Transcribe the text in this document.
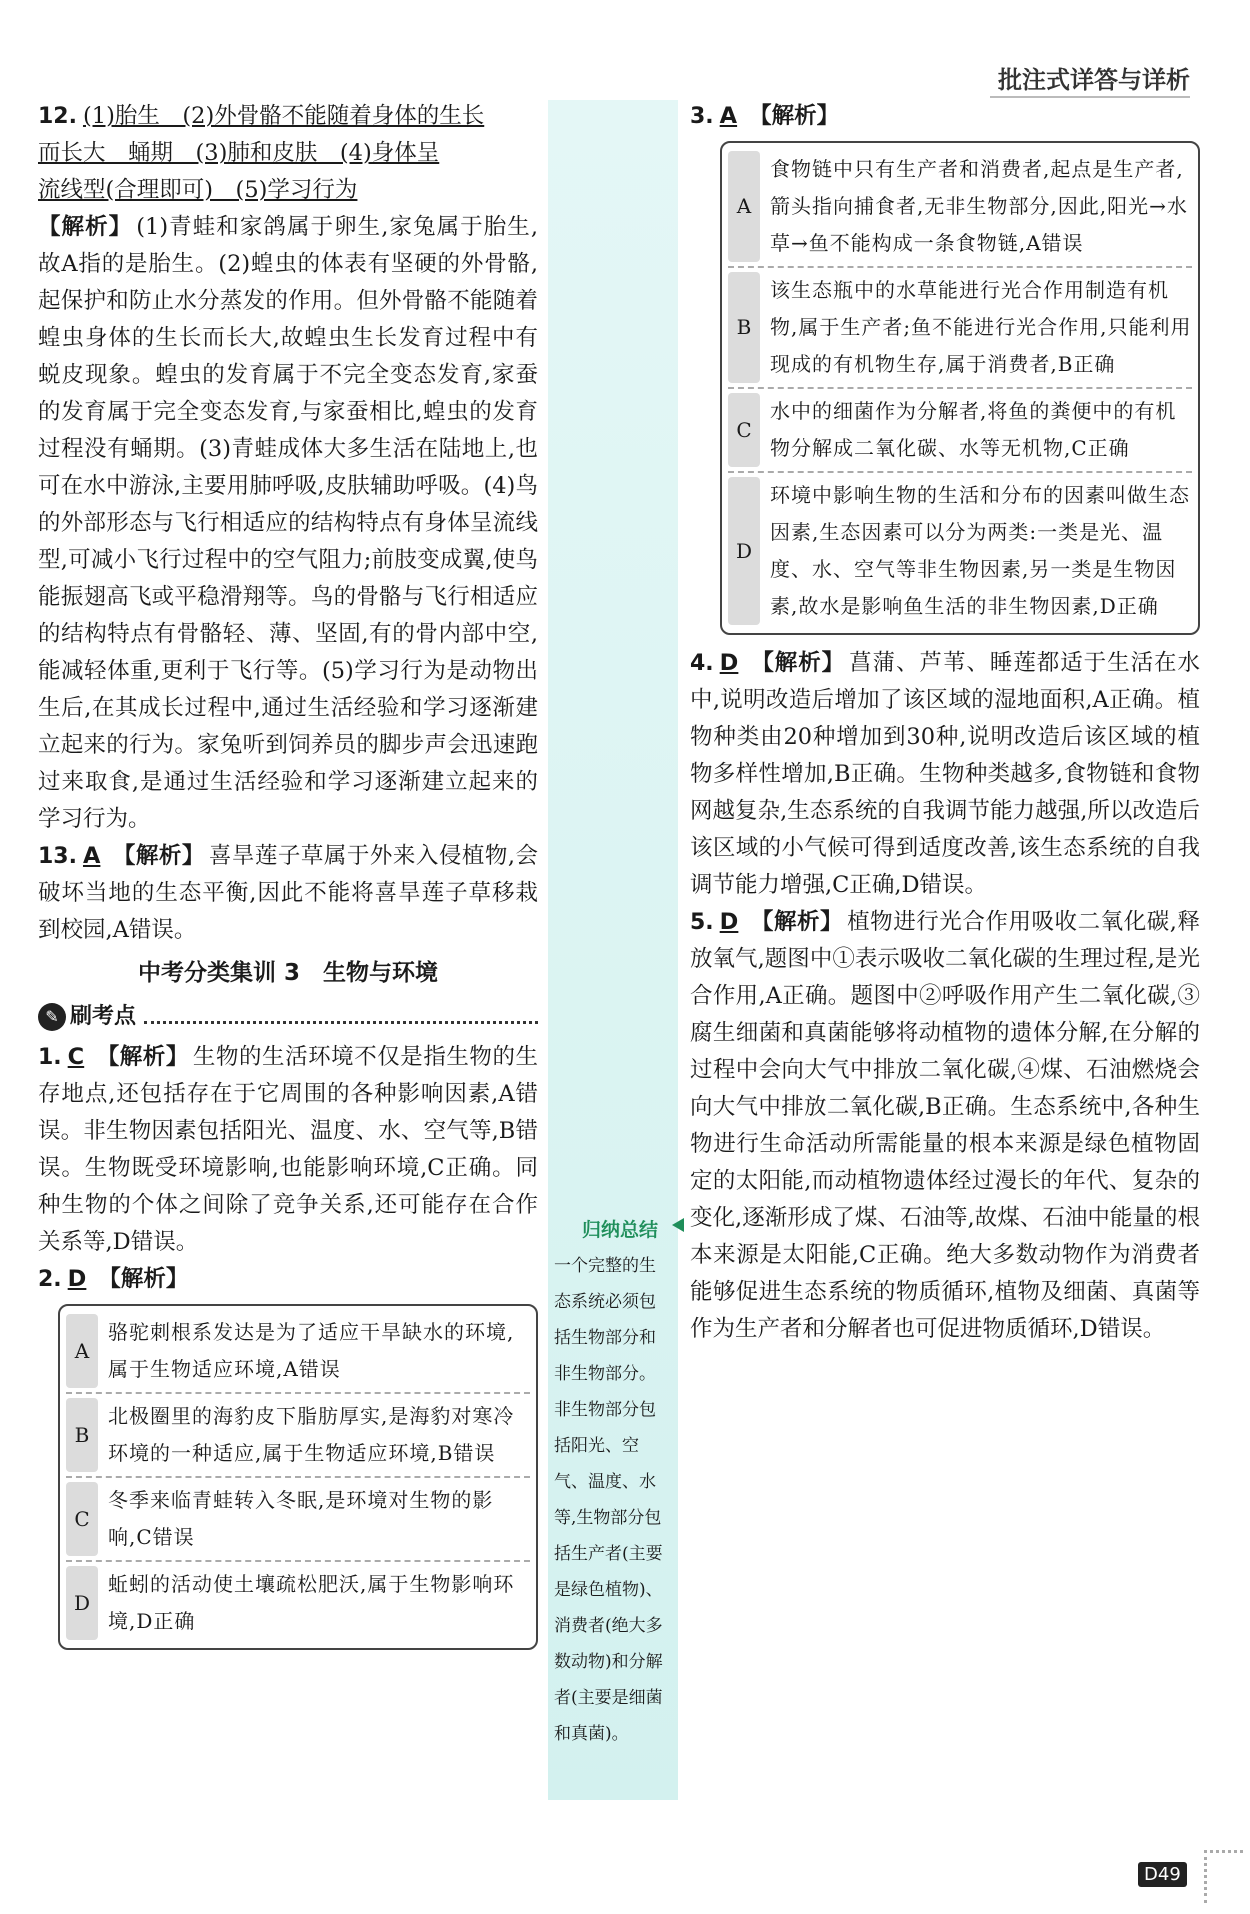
批注式详答与详析

12. (1)胎生　(2)外骨骼不能随着身体的生长

而长大　蛹期　(3)肺和皮肤　(4)身体呈

流线型(合理即可)　(5)学习行为

【解析】 (1)青蛙和家鸽属于卵生,家兔属于胎生,故A指的是胎生。(2)蝗虫的体表有坚硬的外骨骼,起保护和防止水分蒸发的作用。但外骨骼不能随着蝗虫身体的生长而长大,故蝗虫生长发育过程中有蜕皮现象。蝗虫的发育属于不完全变态发育,家蚕的发育属于完全变态发育,与家蚕相比,蝗虫的发育过程没有蛹期。(3)青蛙成体大多生活在陆地上,也可在水中游泳,主要用肺呼吸,皮肤辅助呼吸。(4)鸟的外部形态与飞行相适应的结构特点有身体呈流线型,可减小飞行过程中的空气阻力;前肢变成翼,使鸟能振翅高飞或平稳滑翔等。鸟的骨骼与飞行相适应的结构特点有骨骼轻、薄、坚固,有的骨内部中空,能减轻体重,更利于飞行等。(5)学习行为是动物出生后,在其成长过程中,通过生活经验和学习逐渐建立起来的行为。家兔听到饲养员的脚步声会迅速跑过来取食,是通过生活经验和学习逐渐建立起来的学习行为。

13. A 【解析】 喜旱莲子草属于外来入侵植物,会破坏当地的生态平衡,因此不能将喜旱莲子草移栽到校园,A错误。

中考分类集训 3　生物与环境
✎ 刷考点

1. C 【解析】 生物的生活环境不仅是指生物的生存地点,还包括存在于它周围的各种影响因素,A错误。非生物因素包括阳光、温度、水、空气等,B错误。生物既受环境影响,也能影响环境,C正确。同种生物的个体之间除了竞争关系,还可能存在合作关系等,D错误。

2. D 【解析】

A
骆驼刺根系发达是为了适应干旱缺水的环境,属于生物适应环境,A错误
B
北极圈里的海豹皮下脂肪厚实,是海豹对寒冷环境的一种适应,属于生物适应环境,B错误
C
冬季来临青蛙转入冬眠,是环境对生物的影响,C错误
D
蚯蚓的活动使土壤疏松肥沃,属于生物影响环境,D正确
归纳总结
一个完整的生态系统必须包括生物部分和非生物部分。非生物部分包括阳光、空气、温度、水等,生物部分包括生产者(主要是绿色植物)、消费者(绝大多数动物)和分解者(主要是细菌和真菌)。

3. A 【解析】

A
食物链中只有生产者和消费者,起点是生产者,箭头指向捕食者,无非生物部分,因此,阳光→水草→鱼不能构成一条食物链,A错误
B
该生态瓶中的水草能进行光合作用制造有机物,属于生产者;鱼不能进行光合作用,只能利用现成的有机物生存,属于消费者,B正确
C
水中的细菌作为分解者,将鱼的粪便中的有机物分解成二氧化碳、水等无机物,C正确
D
环境中影响生物的生活和分布的因素叫做生态因素,生态因素可以分为两类:一类是光、温度、水、空气等非生物因素,另一类是生物因素,故水是影响鱼生活的非生物因素,D正确

4. D 【解析】 菖蒲、芦苇、睡莲都适于生活在水中,说明改造后增加了该区域的湿地面积,A正确。植物种类由20种增加到30种,说明改造后该区域的植物多样性增加,B正确。生物种类越多,食物链和食物网越复杂,生态系统的自我调节能力越强,所以改造后该区域的小气候可得到适度改善,该生态系统的自我调节能力增强,C正确,D错误。

5. D 【解析】 植物进行光合作用吸收二氧化碳,释放氧气,题图中①表示吸收二氧化碳的生理过程,是光合作用,A正确。题图中②呼吸作用产生二氧化碳,③腐生细菌和真菌能够将动植物的遗体分解,在分解的过程中会向大气中排放二氧化碳,④煤、石油燃烧会向大气中排放二氧化碳,B正确。生态系统中,各种生物进行生命活动所需能量的根本来源是绿色植物固定的太阳能,而动植物遗体经过漫长的年代、复杂的变化,逐渐形成了煤、石油等,故煤、石油中能量的根本来源是太阳能,C正确。绝大多数动物作为消费者能够促进生态系统的物质循环,植物及细菌、真菌等作为生产者和分解者也可促进物质循环,D错误。

D49
